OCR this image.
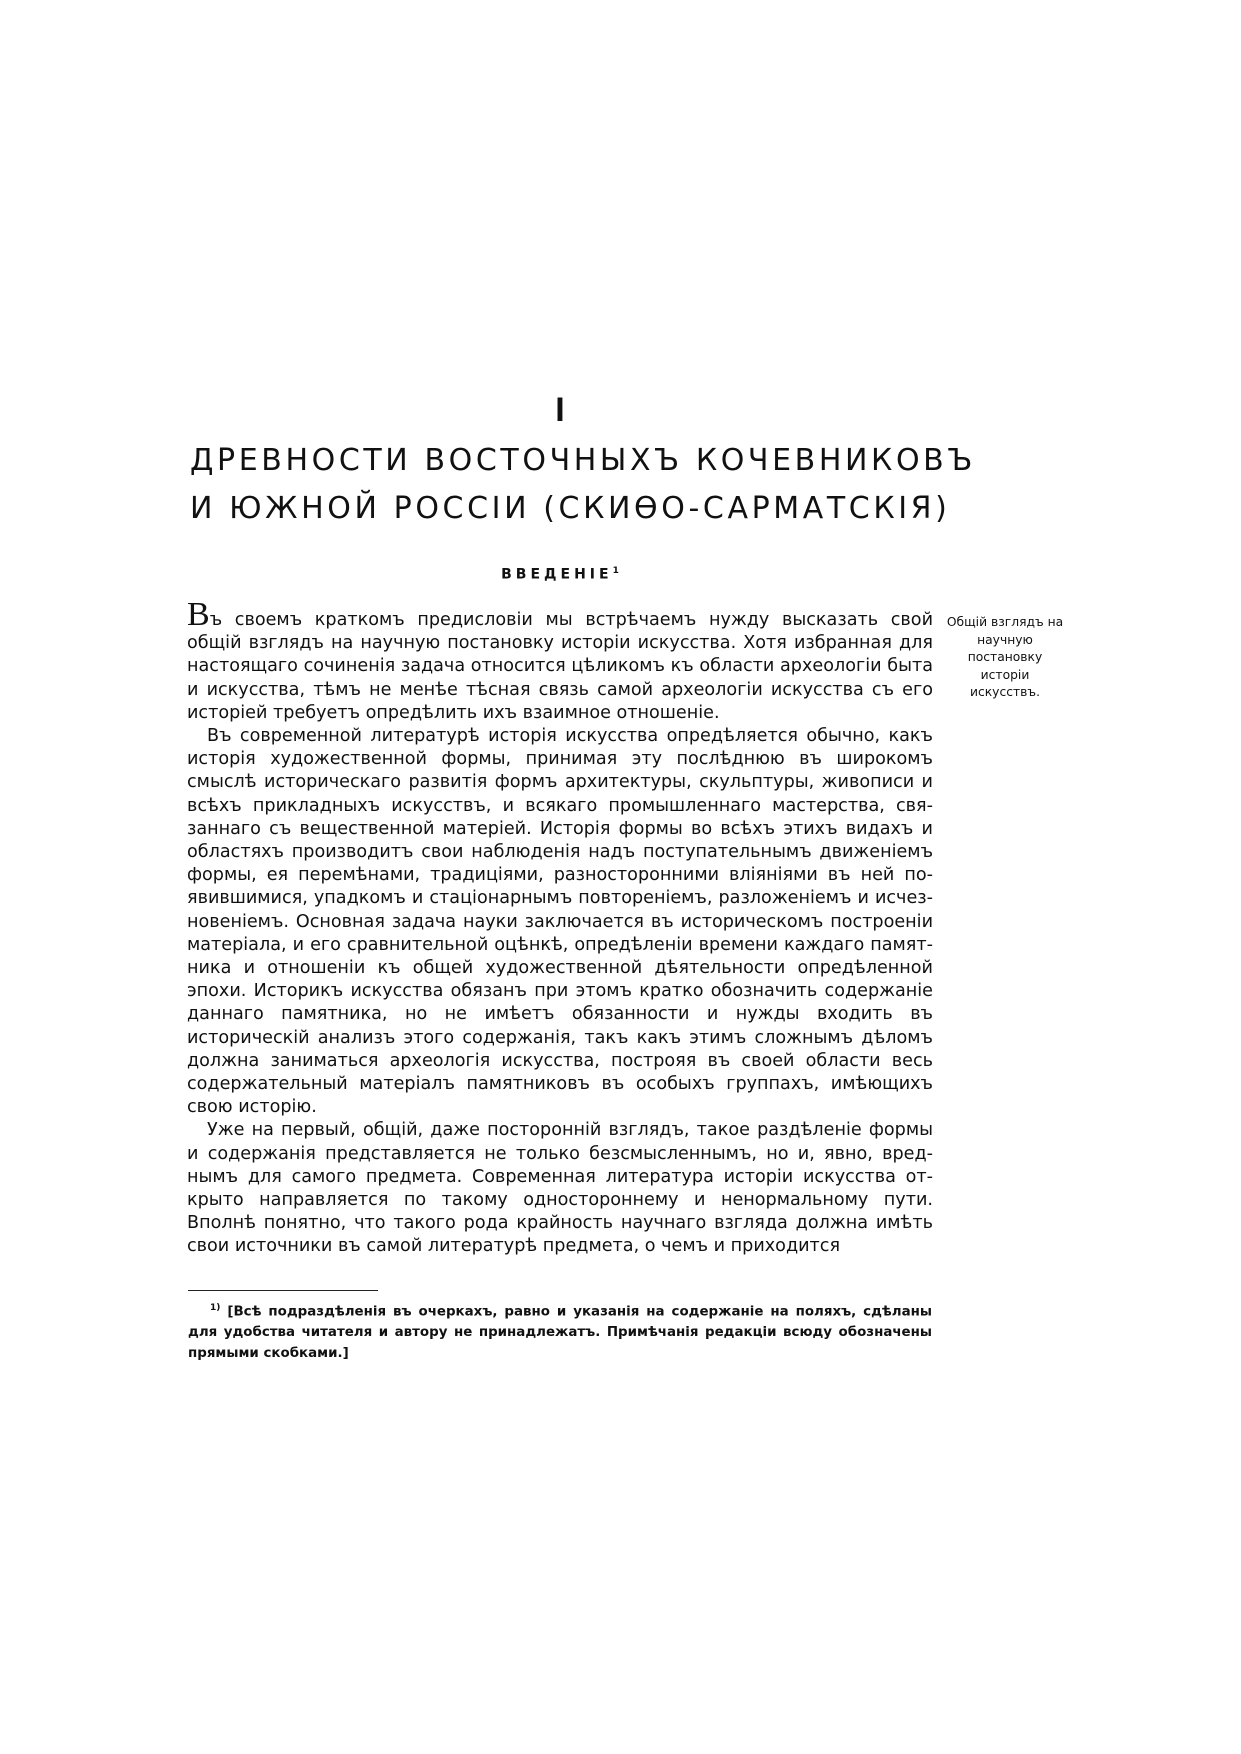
I
ДРЕВНОСТИ ВОСТОЧНЫХЪ КОЧЕВНИКОВЪ
И ЮЖНОЙ РОССІИ (СКИѲО-САРМАТСКІЯ)
ВВЕДЕНІЕ$^1$

Въ своемъ краткомъ предисловіи мы встрѣчаемъ нужду высказать свой общій взглядъ на научную постановку исторіи искусства. Хотя избранная для настоящаго сочиненія задача относится цѣликомъ къ области археологіи быта и искусства, тѣмъ не менѣе тѣсная связь самой археологіи искусства съ его исторіей требуетъ опредѣлить ихъ взаимное отношеніе.

Въ современной литературѣ исторія искусства опредѣляется обычно, какъ исторія художественной формы, принимая эту послѣднюю въ широкомъ смыслѣ историческаго развитія формъ архитектуры, скульптуры, живописи и всѣхъ прикладныхъ искусствъ, и всякаго промышленнаго мастерства, связаннаго съ вещественной матеріей. Исторія формы во всѣхъ этихъ видахъ и областяхъ производитъ свои наблюденія надъ поступательнымъ движеніемъ формы, ея перемѣнами, традиціями, разносторонними вліяніями въ ней появившимися, упадкомъ и стаціонарнымъ повтореніемъ, разложеніемъ и исчезновеніемъ. Основная задача науки заключается въ историческомъ построеніи матеріала, и его сравнительной оцѣнкѣ, опредѣленіи времени каждаго памятника и отношеніи къ общей художественной дѣятельности опредѣленной эпохи. Историкъ искусства обязанъ при этомъ кратко обозначить содержаніе даннаго памятника, но не имѣетъ обязанности и нужды входить въ историческій анализъ этого содержанія, такъ какъ этимъ сложнымъ дѣломъ должна заниматься археологія искусства, построяя въ своей области весь содержательный матеріалъ памятниковъ въ особыхъ группахъ, имѣющихъ свою исторію.

Уже на первый, общій, даже посторонній взглядъ, такое раздѣленіе формы и содержанія представляется не только безсмысленнымъ, но и, явно, вреднымъ для самого предмета. Современная литература исторіи искусства открыто направляется по такому одностороннему и ненормальному пути. Вполнѣ понятно, что такого рода крайность научнаго взгляда должна имѣть свои источники въ самой литературѣ предмета, о чемъ и приходится

Общій взглядъ на научную постановку исторіи искусствъ.
$^{1)}$ [Всѣ подраздѣленія въ очеркахъ, равно и указанія на содержаніе на поляхъ, сдѣланы для удобства читателя и автору не принадлежатъ. Примѣчанія редакціи всюду обозначены прямыми скобками.]
